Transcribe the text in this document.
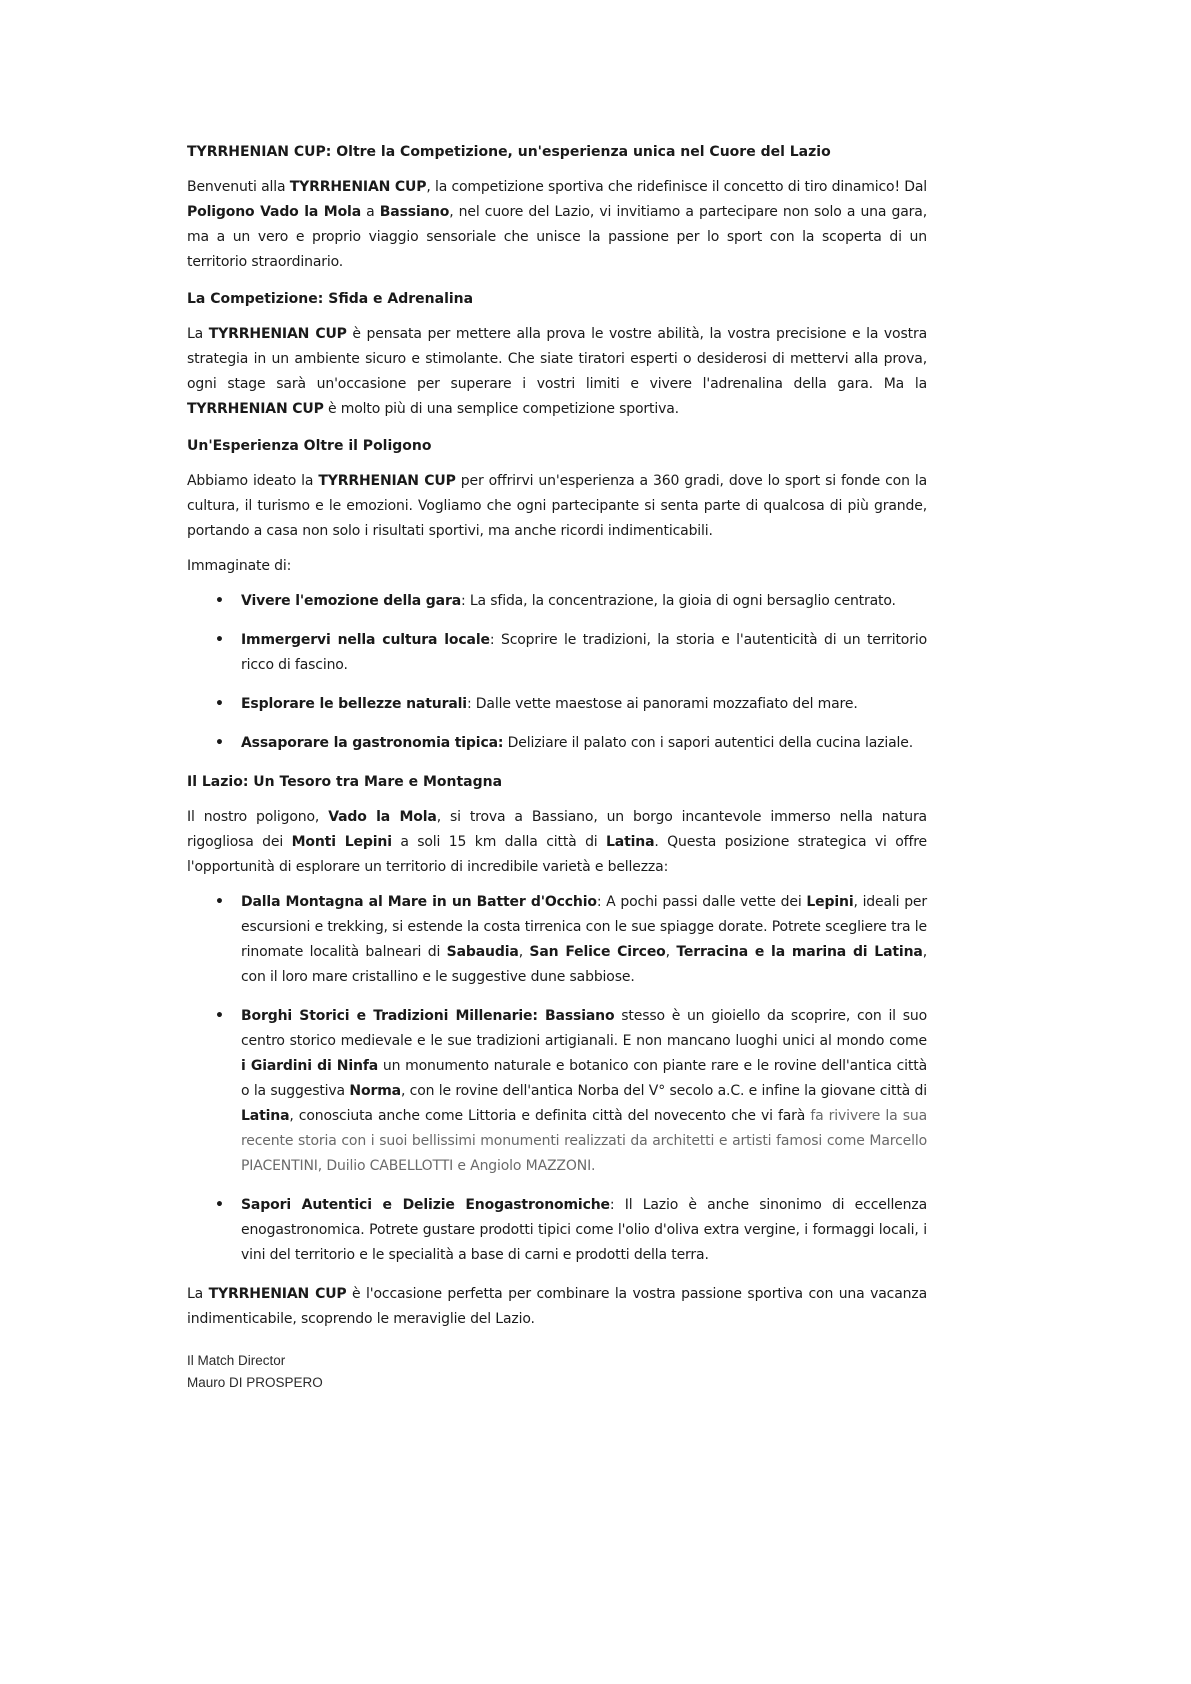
TYRRHENIAN CUP: Oltre la Competizione, un'esperienza unica nel Cuore del Lazio

Benvenuti alla TYRRHENIAN CUP, la competizione sportiva che ridefinisce il concetto di tiro dinamico! Dal Poligono Vado la Mola a Bassiano, nel cuore del Lazio, vi invitiamo a partecipare non solo a una gara, ma a un vero e proprio viaggio sensoriale che unisce la passione per lo sport con la scoperta di un territorio straordinario.

La Competizione: Sfida e Adrenalina

La TYRRHENIAN CUP è pensata per mettere alla prova le vostre abilità, la vostra precisione e la vostra strategia in un ambiente sicuro e stimolante. Che siate tiratori esperti o desiderosi di mettervi alla prova, ogni stage sarà un'occasione per superare i vostri limiti e vivere l'adrenalina della gara. Ma la TYRRHENIAN CUP è molto più di una semplice competizione sportiva.

Un'Esperienza Oltre il Poligono

Abbiamo ideato la TYRRHENIAN CUP per offrirvi un'esperienza a 360 gradi, dove lo sport si fonde con la cultura, il turismo e le emozioni. Vogliamo che ogni partecipante si senta parte di qualcosa di più grande, portando a casa non solo i risultati sportivi, ma anche ricordi indimenticabili.

Immaginate di:

• Vivere l'emozione della gara: La sfida, la concentrazione, la gioia di ogni bersaglio centrato.
• Immergervi nella cultura locale: Scoprire le tradizioni, la storia e l'autenticità di un territorio ricco di fascino.
• Esplorare le bellezze naturali: Dalle vette maestose ai panorami mozzafiato del mare.
• Assaporare la gastronomia tipica: Deliziare il palato con i sapori autentici della cucina laziale.
Il Lazio: Un Tesoro tra Mare e Montagna

Il nostro poligono, Vado la Mola, si trova a Bassiano, un borgo incantevole immerso nella natura rigogliosa dei Monti Lepini a soli 15 km dalla città di Latina. Questa posizione strategica vi offre l'opportunità di esplorare un territorio di incredibile varietà e bellezza:

• Dalla Montagna al Mare in un Batter d'Occhio: A pochi passi dalle vette dei Lepini, ideali per escursioni e trekking, si estende la costa tirrenica con le sue spiagge dorate. Potrete scegliere tra le rinomate località balneari di Sabaudia, San Felice Circeo, Terracina e la marina di Latina, con il loro mare cristallino e le suggestive dune sabbiose.
• Borghi Storici e Tradizioni Millenarie: Bassiano stesso è un gioiello da scoprire, con il suo centro storico medievale e le sue tradizioni artigianali. E non mancano luoghi unici al mondo come i Giardini di Ninfa un monumento naturale e botanico con piante rare e le rovine dell'antica città o la suggestiva Norma, con le rovine dell'antica Norba del V° secolo a.C. e infine la giovane città di Latina, conosciuta anche come Littoria e definita città del novecento che vi farà fa rivivere la sua recente storia con i suoi bellissimi monumenti realizzati da architetti e artisti famosi come Marcello PIACENTINI, Duilio CABELLOTTI e Angiolo MAZZONI.
• Sapori Autentici e Delizie Enogastronomiche: Il Lazio è anche sinonimo di eccellenza enogastronomica. Potrete gustare prodotti tipici come l'olio d'oliva extra vergine, i formaggi locali, i vini del territorio e le specialità a base di carni e prodotti della terra.

La TYRRHENIAN CUP è l'occasione perfetta per combinare la vostra passione sportiva con una vacanza indimenticabile, scoprendo le meraviglie del Lazio.

Il Match Director
Mauro DI PROSPERO
